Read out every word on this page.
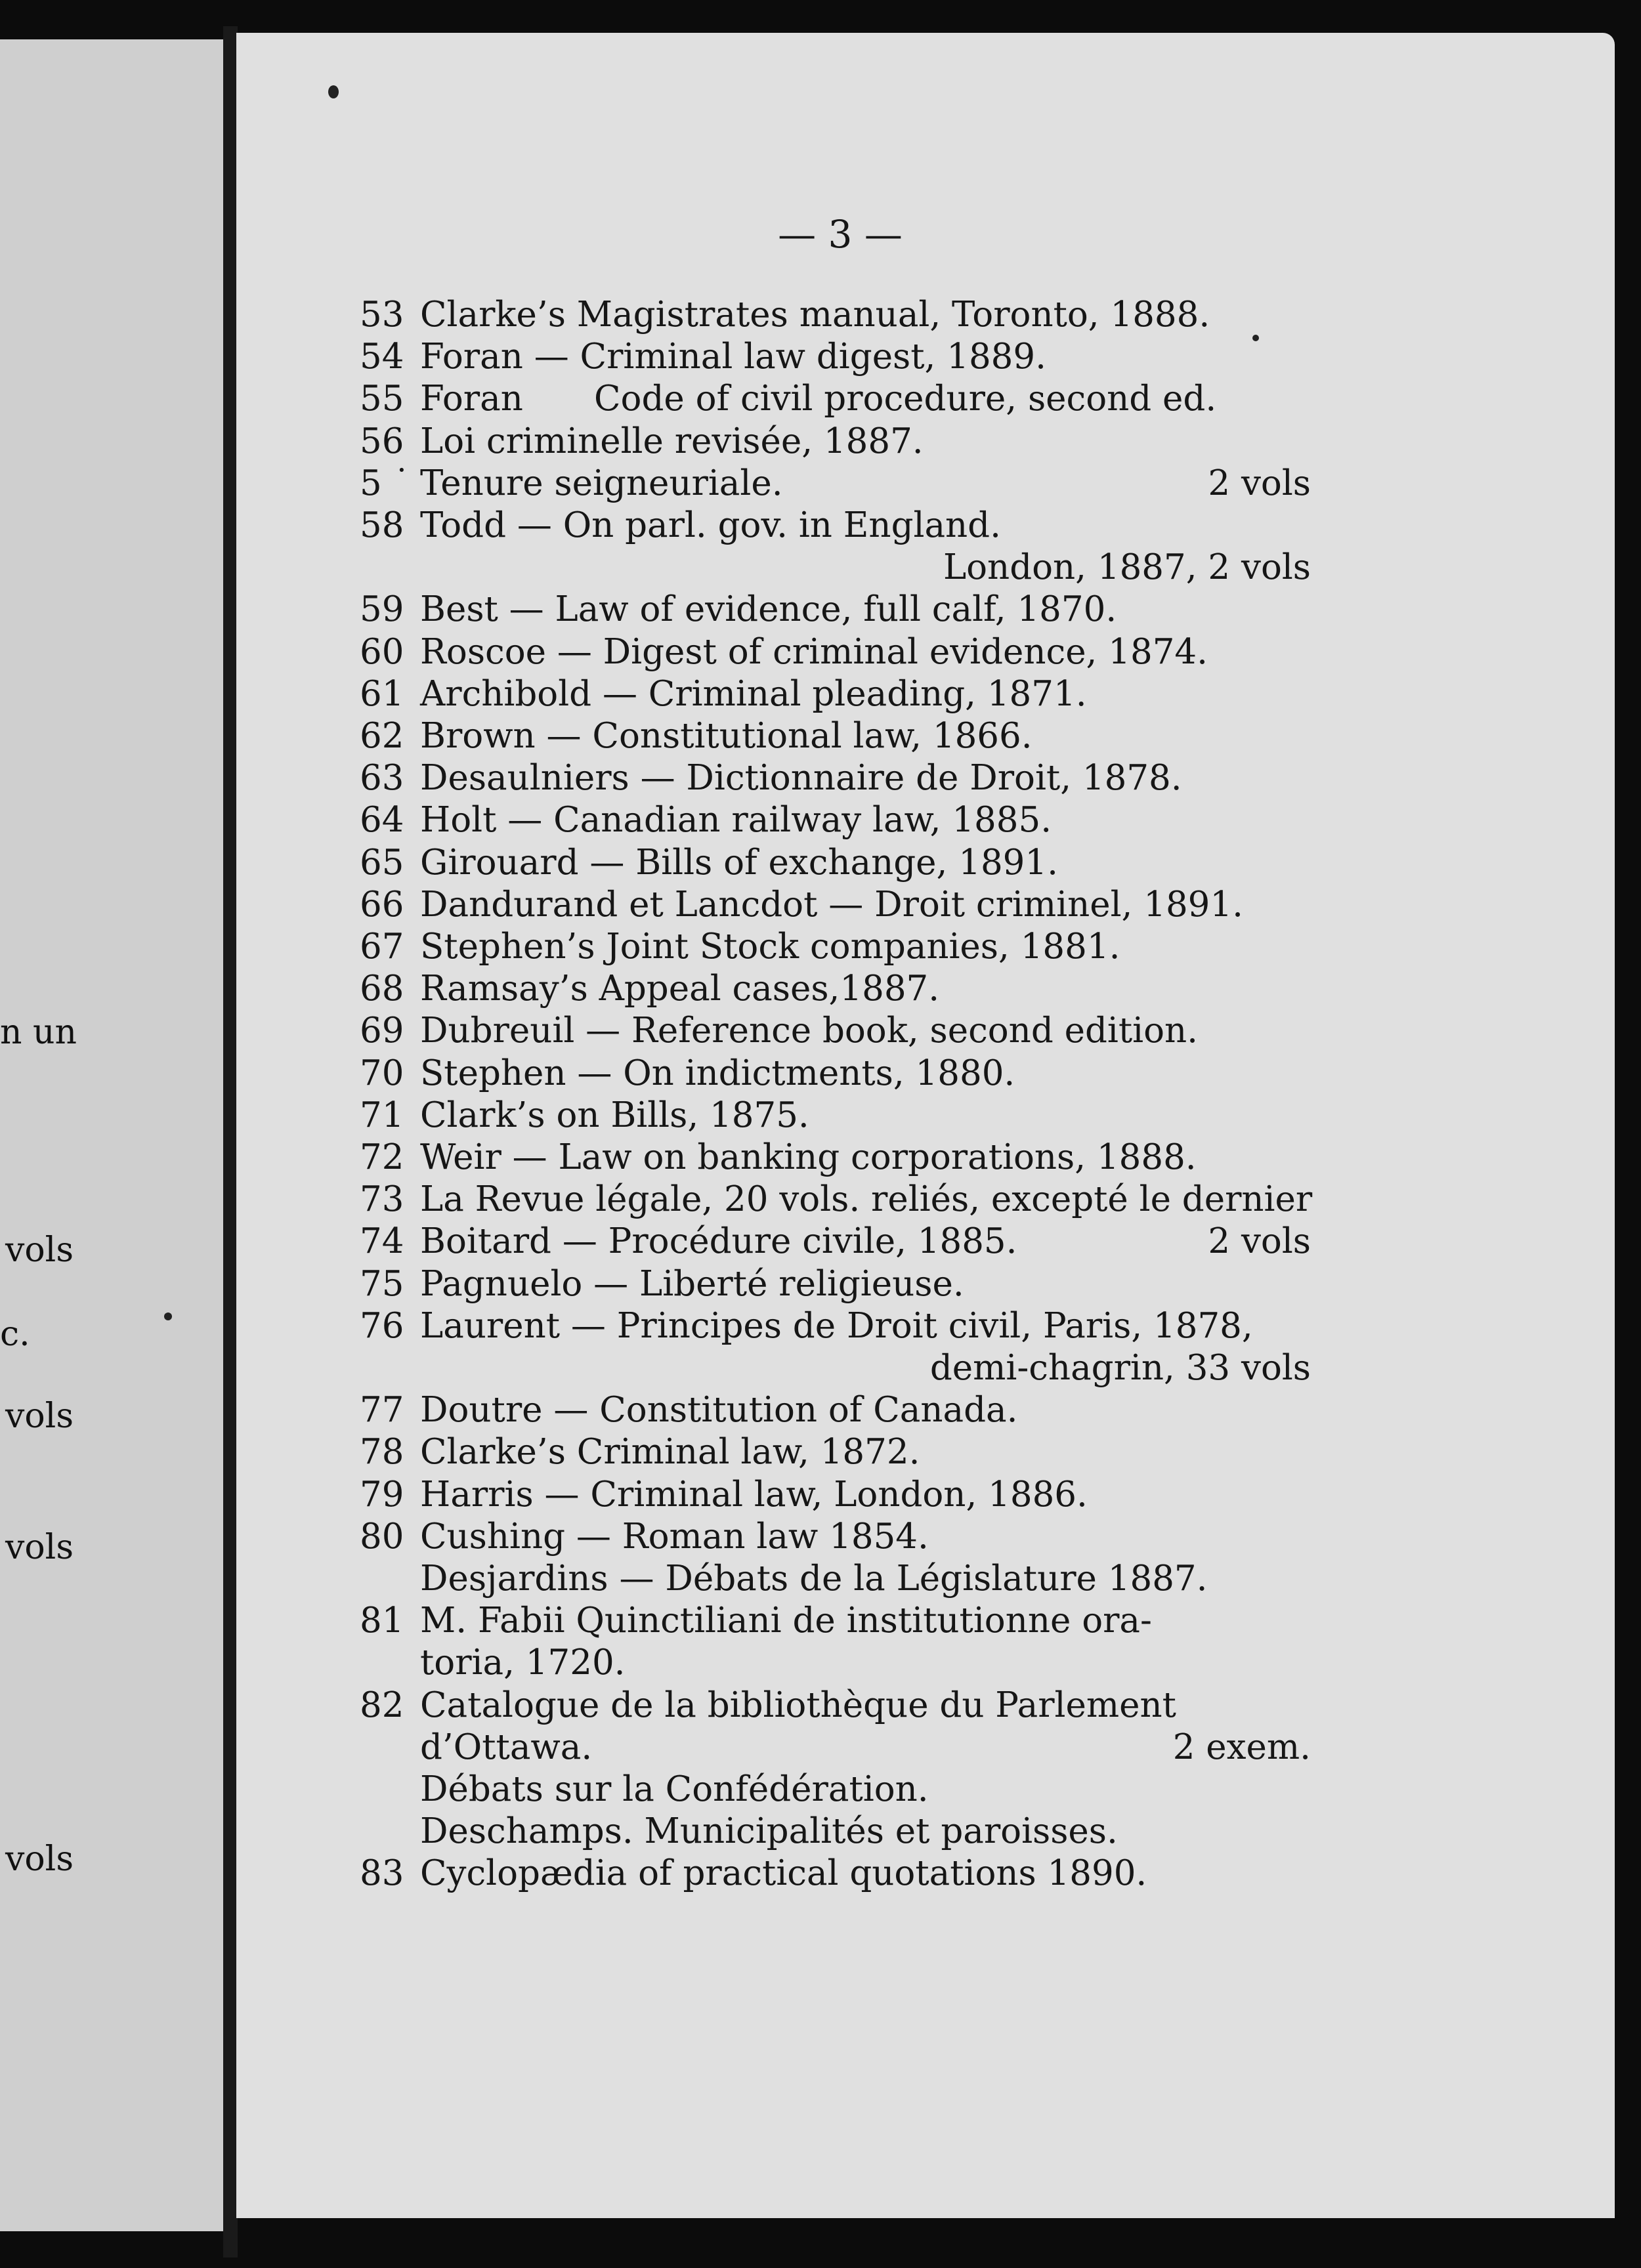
n un
vols
c.
vols
vols
vols
— 3 —
53 Clarke’s Magistrates manual, Toronto, 1888.
54 Foran — Criminal law digest, 1889.
55 Foran Code of civil procedure, second ed.
56 Loi criminelle revisée, 1887.
5 ˙ Tenure seigneuriale.	2 vols
58 Todd — On parl. gov. in England.
London, 1887, 2 vols
59 Best — Law of evidence, full calf, 1870.
60 Roscoe — Digest of criminal evidence, 1874.
61 Archibold — Criminal pleading, 1871.
62 Brown — Constitutional law, 1866.
63 Desaulniers — Dictionnaire de Droit, 1878.
64 Holt — Canadian railway law, 1885.
65 Girouard — Bills of exchange, 1891.
66 Dandurand et Lancdot — Droit criminel, 1891.
67 Stephen’s Joint Stock companies, 1881.
68 Ramsay’s Appeal cases,1887.
69 Dubreuil — Reference book, second edition.
70 Stephen — On indictments, 1880.
71 Clark’s on Bills, 1875.
72 Weir — Law on banking corporations, 1888.
73 La Revue légale, 20 vols. reliés, excepté le dernier
74 Boitard — Procédure civile, 1885.	2 vols
75 Pagnuelo — Liberté religieuse.
76 Laurent — Principes de Droit civil, Paris, 1878,
demi-chagrin, 33 vols
77 Doutre — Constitution of Canada.
78 Clarke’s Criminal law, 1872.
79 Harris — Criminal law, London, 1886.
80 Cushing — Roman law 1854.
Desjardins — Débats de la Législature 1887.
81 M. Fabii Quinctiliani de institutionne ora-
toria, 1720.
82 Catalogue de la bibliothèque du Parlement
d’Ottawa.	2 exem.
Débats sur la Confédération.
Deschamps. Municipalités et paroisses.
83 Cyclopædia of practical quotations 1890.
